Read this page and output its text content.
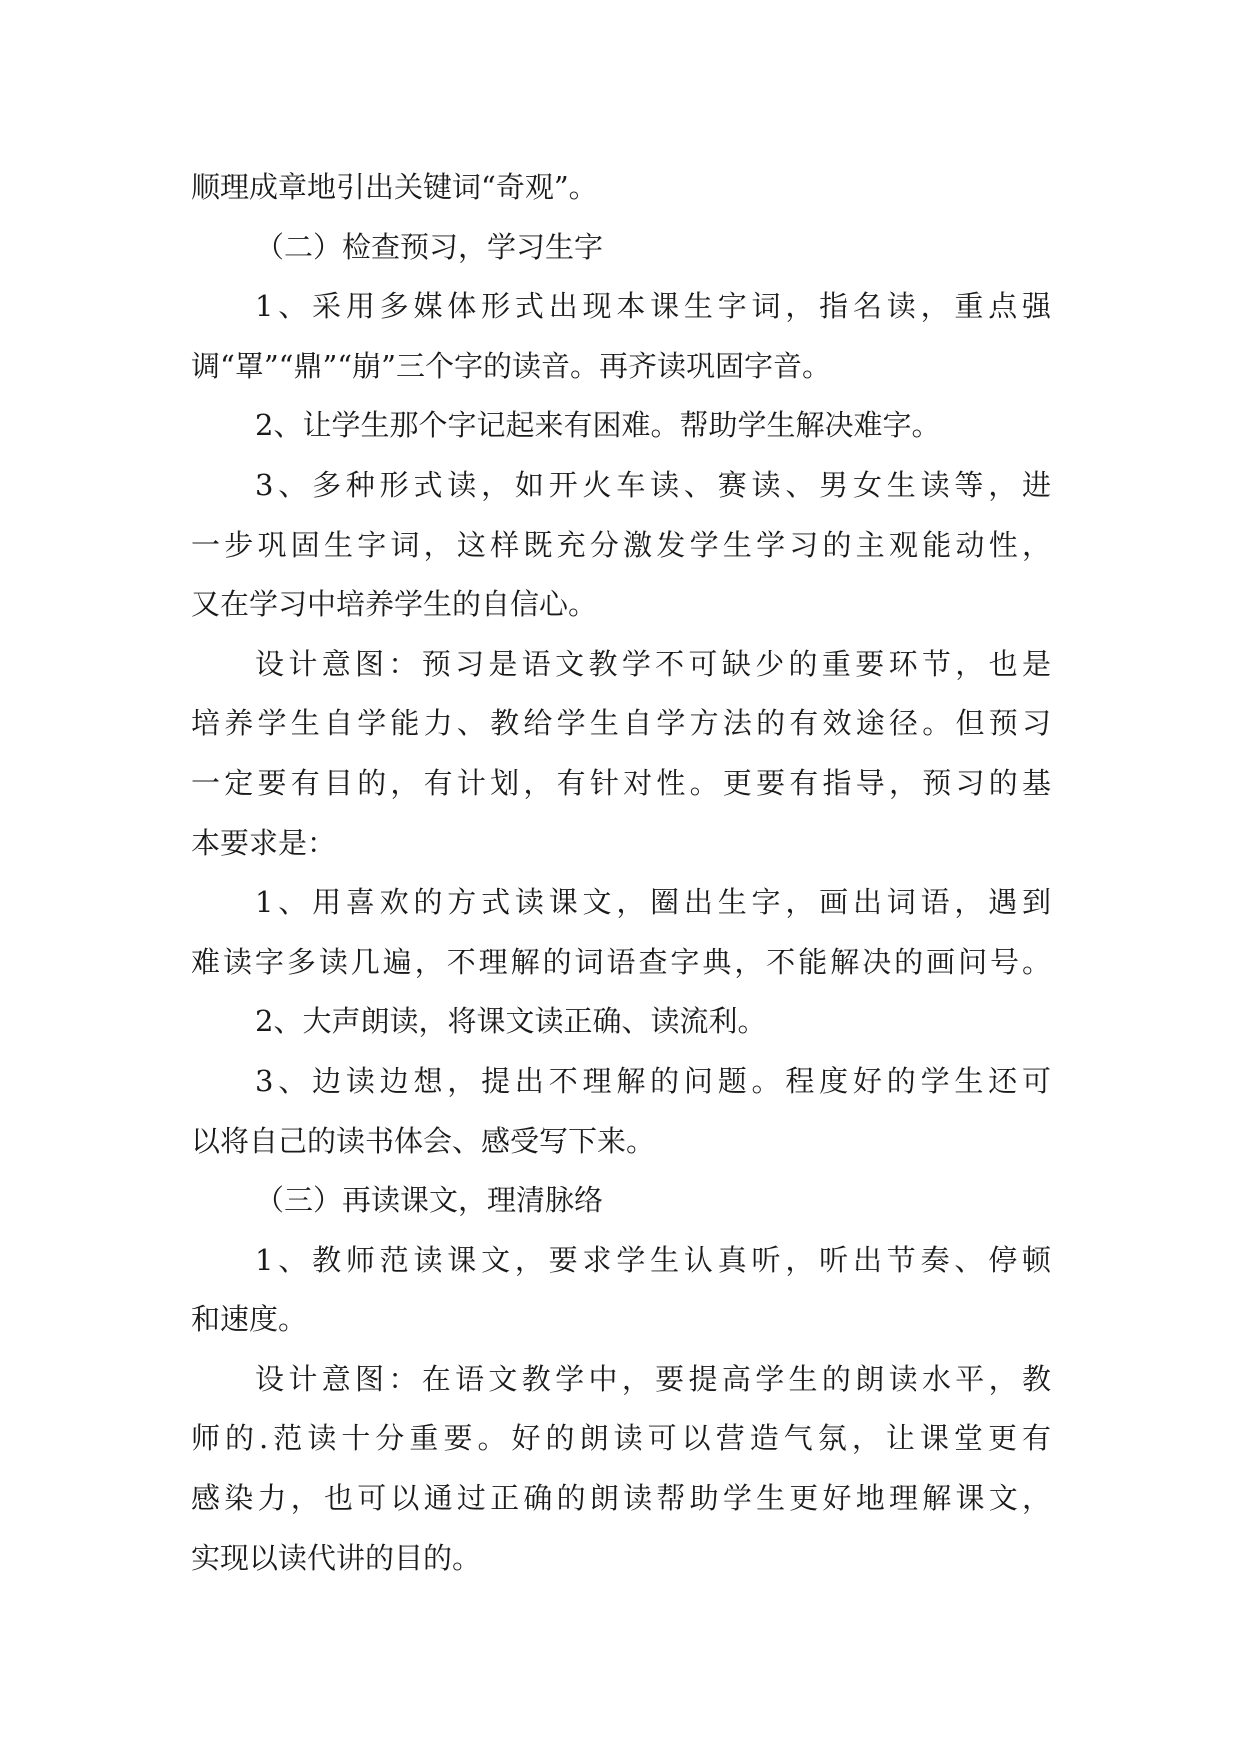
顺理成章地引出关键词“奇观”。
（二）检查预习，学习生字
1、采用多媒体形式出现本课生字词，指名读，重点强
调“罩”“鼎”“崩”三个字的读音。再齐读巩固字音。
2、让学生那个字记起来有困难。帮助学生解决难字。
3、多种形式读，如开火车读、赛读、男女生读等，进
一步巩固生字词，这样既充分激发学生学习的主观能动性，
又在学习中培养学生的自信心。
设计意图：预习是语文教学不可缺少的重要环节，也是
培养学生自学能力、教给学生自学方法的有效途径。但预习
一定要有目的，有计划，有针对性。更要有指导，预习的基
本要求是：
1、用喜欢的方式读课文，圈出生字，画出词语，遇到
难读字多读几遍，不理解的词语查字典，不能解决的画问号。
2、大声朗读，将课文读正确、读流利。
3、边读边想，提出不理解的问题。程度好的学生还可
以将自己的读书体会、感受写下来。
（三）再读课文，理清脉络
1、教师范读课文，要求学生认真听，听出节奏、停顿
和速度。
设计意图：在语文教学中，要提高学生的朗读水平，教
师的.范读十分重要。好的朗读可以营造气氛，让课堂更有
感染力，也可以通过正确的朗读帮助学生更好地理解课文，
实现以读代讲的目的。
